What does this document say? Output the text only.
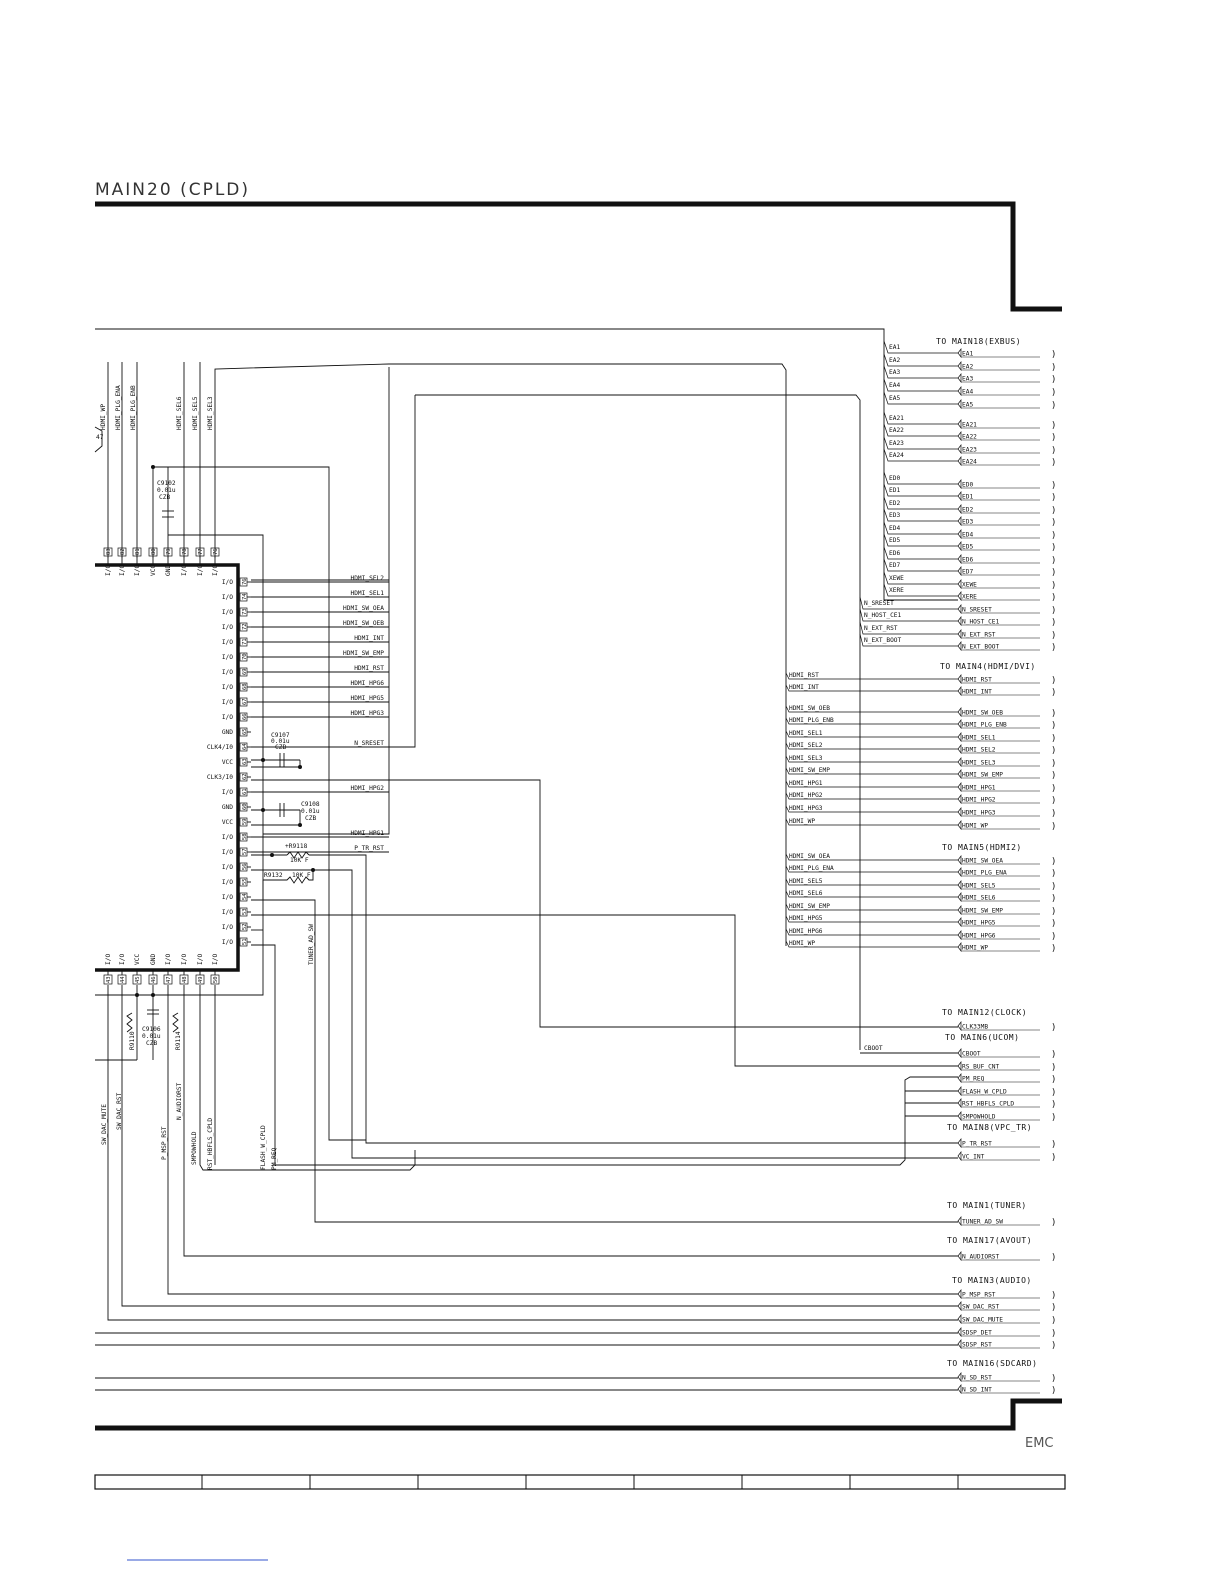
MAIN20 (CPLD)
EMC
I/O 76	HDMI_SEL2
I/O 74	HDMI_SEL1
I/O 73	HDMI_SW_OEA
I/O 72	HDMI_SW_OEB
I/O 71	HDMI_INT
I/O 70	HDMI_SW_EMP
I/O 69	HDMI_RST
I/O 68	HDMI_HPG6
I/O 67	HDMI_HPG5
I/O 66	HDMI_HPG3
GND 65
CLK4/I0 64	N_SRESET
VCC 63
CLK3/I0 62
I/O 61	HDMI_HPG2
GND 60
VCC 59
I/O 58	HDMI_HPG1
I/O 57	P_TR_RST
I/O 56
I/O 55
I/O 54
I/O 53
I/O 52
I/O 51
83
I/O
82
I/O
81
I/O
80
VCC
79
GND
78
I/O
77
I/O
76
I/O
I/O
43
I/O
44
VCC
45
GND
46
I/O
47
I/O
48
I/O
49
I/O
50
HDMI_WP HDMI_PLG_ENA HDMI_PLG_ENB	HDMI_SEL6 HDMI_SEL5 HDMI_SEL3
SW_DAC_MUTE SW_DAC_RST
P_MSP_RST
N_AUDIORST
SMPOWHOLD RST_HBFLS_CPLD	FLASH_W_CPLD PM_REQ
TO MAIN18(EXBUS)
EA1	)
EA2	)
EA3	)
EA4	)
EA5	)
EA21	)
EA22	)
EA23	)
EA24	)
ED0	)
ED1	)
ED2	)
ED3	)
ED4	)
ED5	)
ED6	)
ED7	)
XEWE	)
XERE	)
N_SRESET	)
N_HOST_CE1	)
N_EXT_RST	)
N_EXT_BOOT	)
TO MAIN4(HDMI/DVI)
HDMI_RST	)
HDMI_INT	)
HDMI_SW_OEB	)
HDMI_PLG_ENB	)
HDMI_SEL1	)
HDMI_SEL2	)
HDMI_SEL3	)
HDMI_SW_EMP	)
HDMI_HPG1	)
HDMI_HPG2	)
HDMI_HPG3	)
HDMI_WP	)
TO MAIN5(HDMI2)
HDMI_SW_OEA	)
HDMI_PLG_ENA	)
HDMI_SEL5	)
HDMI_SEL6	)
HDMI_SW_EMP	)
HDMI_HPG5	)
HDMI_HPG6	)
HDMI_WP	)
TO MAIN12(CLOCK)
CLK33MB	)
TO MAIN6(UCOM)
CBOOT	)
RS_BUF_CNT	)
PM_REQ	)
FLASH_W_CPLD	)
RST_HBFLS_CPLD	)
SMPOWHOLD	)
TO MAIN8(VPC_TR)
P_TR_RST	)
VC_INT	)
TO MAIN1(TUNER)
TUNER_AD_SW	)
TO MAIN17(AVOUT)
N_AUDIORST	)
TO MAIN3(AUDIO)
P_MSP_RST	)
SW_DAC_RST	)
SW_DAC_MUTE	)
SDSP_DET	)
SDSP_RST	)
TO MAIN16(SDCARD)
N_SD_RST	)
N_SD_INT	)
EA1
EA2
EA3
EA4
EA5
EA21
EA22
EA23
EA24
ED0
ED1
ED2
ED3
ED4
ED5
ED6
ED7
XEWE
XERE
N_SRESET
N_HOST_CE1
N_EXT_RST
N_EXT_BOOT
HDMI_RST
HDMI_INT
HDMI_SW_OEB
HDMI_PLG_ENB
HDMI_SEL1
HDMI_SEL2
HDMI_SEL3
HDMI_SW_EMP
HDMI_HPG1
HDMI_HPG2
HDMI_HPG3
HDMI_WP
HDMI_SW_OEA
HDMI_PLG_ENA
HDMI_SEL5
HDMI_SEL6
HDMI_SW_EMP
HDMI_HPG5
HDMI_HPG6
HDMI_WP
CBOOT
47
C9102
0.01u
CZB
C9107
0.01u
CZB
C9108
0.01u
CZB
+R9118
10K F
R9132 10K F
C9106
0.01u
CZB
R9110	R9114
TUNER_AD_SW
